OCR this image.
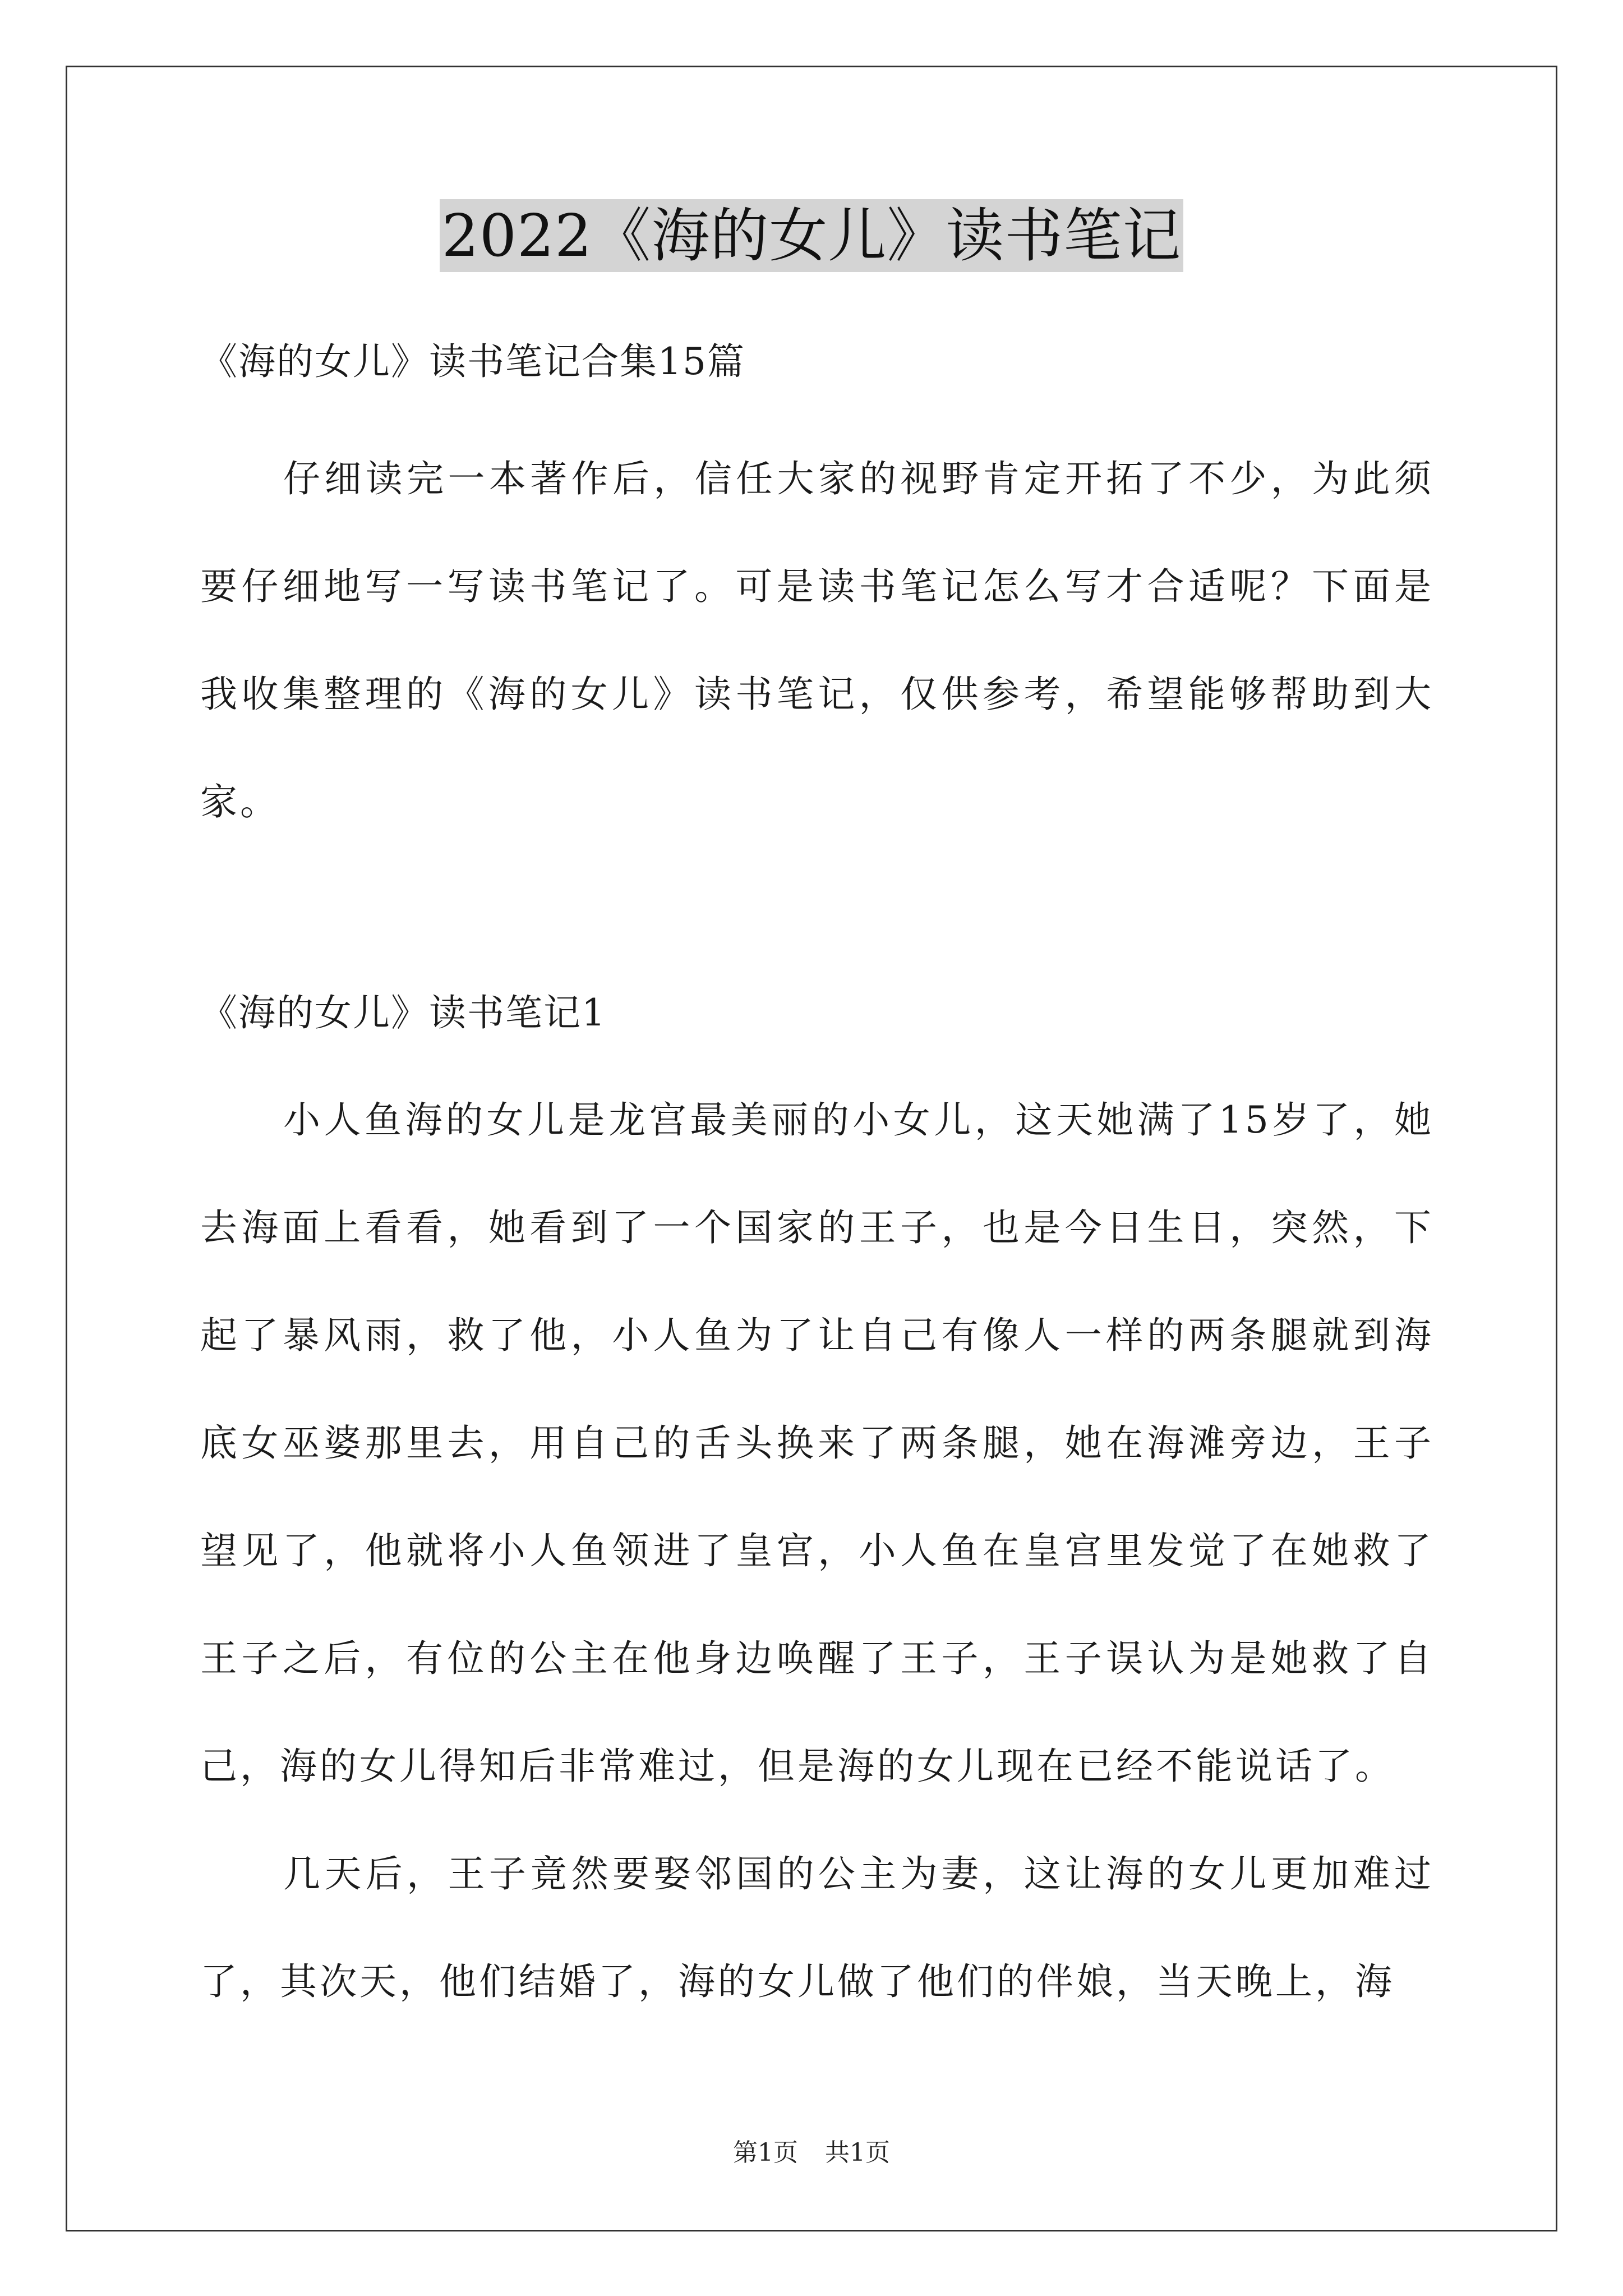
2022《海的女儿》读书笔记
《海的女儿》读书笔记合集15篇

仔细读完一本著作后，信任大家的视野肯定开拓了不少，为此须要仔细地写一写读书笔记了。可是读书笔记怎么写才合适呢？下面是我收集整理的《海的女儿》读书笔记，仅供参考，希望能够帮助到大家。

《海的女儿》读书笔记1

小人鱼海的女儿是龙宫最美丽的小女儿，这天她满了15岁了，她去海面上看看，她看到了一个国家的王子，也是今日生日，突然，下起了暴风雨，救了他，小人鱼为了让自己有像人一样的两条腿就到海底女巫婆那里去，用自己的舌头换来了两条腿，她在海滩旁边，王子望见了，他就将小人鱼领进了皇宫，小人鱼在皇宫里发觉了在她救了王子之后，有位的公主在他身边唤醒了王子，王子误认为是她救了自己，海的女儿得知后非常难过，但是海的女儿现在已经不能说话了。

几天后，王子竟然要娶邻国的公主为妻，这让海的女儿更加难过了，其次天，他们结婚了，海的女儿做了他们的伴娘，当天晚上，海

第1页 共1页
